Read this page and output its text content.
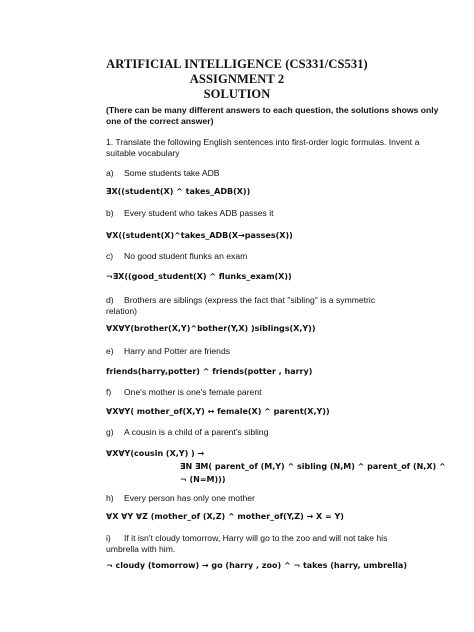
ARTIFICIAL INTELLIGENCE (CS331/CS531)
ASSIGNMENT 2
SOLUTION
(There can be many different answers to each question, the solutions shows only
one of the correct answer)
1. Translate the following English sentences into first-order logic formulas. Invent a
suitable vocabulary
a) Some students take ADB
∃X((student(X) ^ takes_ADB(X))
b) Every student who takes ADB passes it
∀X((student(X)^takes_ADB(X→passes(X))
c) No good student flunks an exam
¬∃X((good_student(X) ^ flunks_exam(X))
d) Brothers are siblings (express the fact that "sibling" is a symmetric
relation)
∀X∀Y(brother(X,Y)^bother(Y,X) )siblings(X,Y))
e) Harry and Potter are friends
friends(harry,potter) ^ friends(potter , harry)
f) One's mother is one's female parent
∀X∀Y( mother_of(X,Y) ↔ female(X) ^ parent(X,Y))
g) A cousin is a child of a parent's sibling
∀X∀Y(cousin (X,Y) ) →
∃N ∃M( parent_of (M,Y) ^ sibling (N,M) ^ parent_of (N,X) ^
¬ (N=M)))
h) Every person has only one mother
∀X ∀Y ∀Z (mother_of (X,Z) ^ mother_of(Y,Z) → X = Y)
i) If it isn't cloudy tomorrow, Harry will go to the zoo and will not take his
umbrella with him.
¬ cloudy (tomorrow) → go (harry , zoo) ^ ¬ takes (harry, umbrella)
